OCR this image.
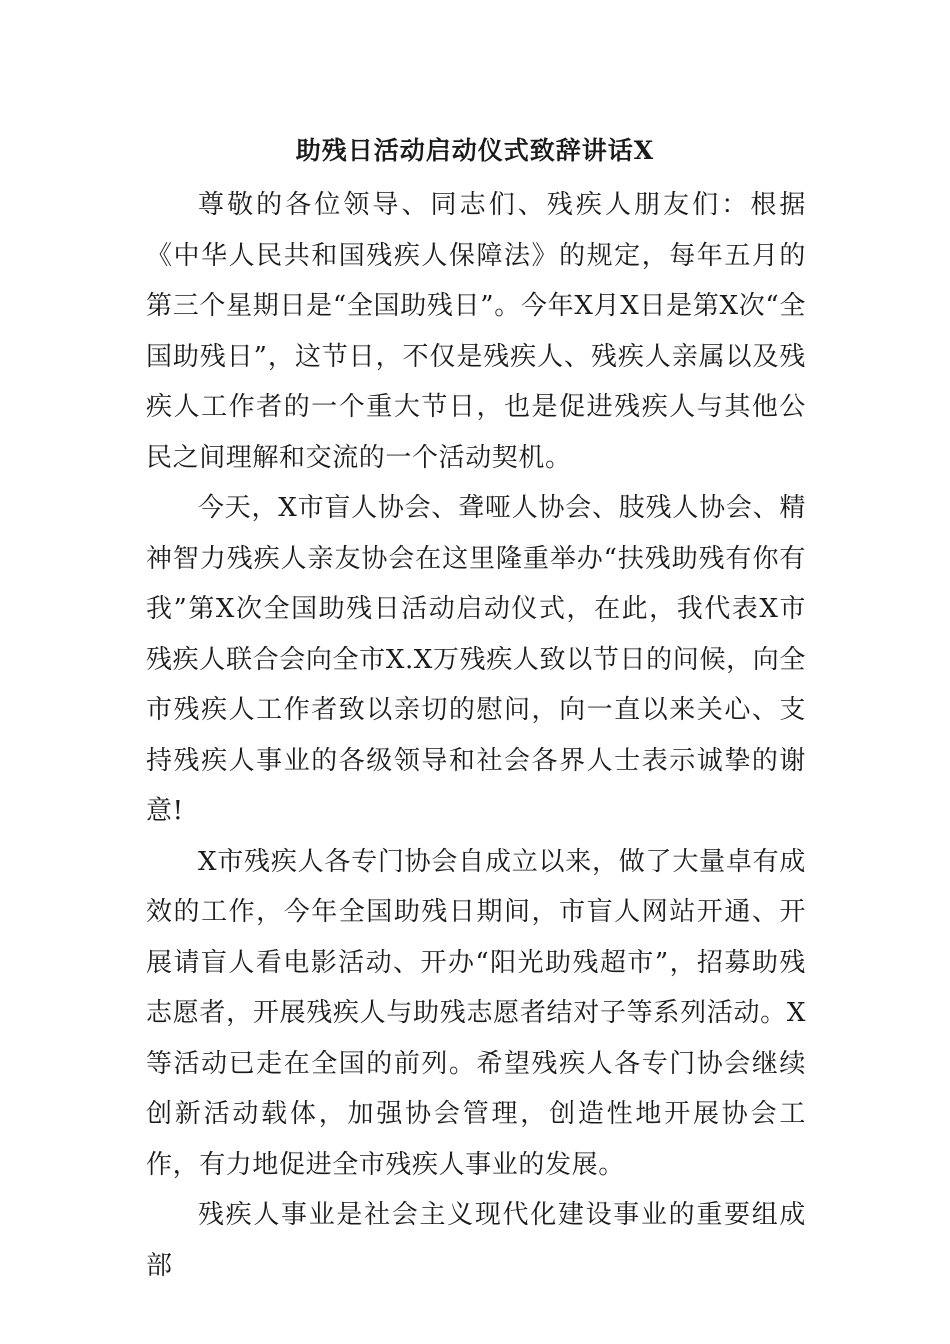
助残日活动启动仪式致辞讲话X

尊敬的各位领导、同志们、残疾人朋友们：根据《中华人民共和国残疾人保障法》的规定，每年五月的第三个星期日是“全国助残日”。今年X月X日是第X次“全国助残日”，这节日，不仅是残疾人、残疾人亲属以及残疾人工作者的一个重大节日，也是促进残疾人与其他公民之间理解和交流的一个活动契机。

今天，X市盲人协会、聋哑人协会、肢残人协会、精神智力残疾人亲友协会在这里隆重举办“扶残助残有你有我”第X次全国助残日活动启动仪式，在此，我代表X市残疾人联合会向全市X.X万残疾人致以节日的问候，向全市残疾人工作者致以亲切的慰问，向一直以来关心、支持残疾人事业的各级领导和社会各界人士表示诚挚的谢意!

X市残疾人各专门协会自成立以来，做了大量卓有成效的工作，今年全国助残日期间，市盲人网站开通、开展请盲人看电影活动、开办“阳光助残超市”，招募助残志愿者，开展残疾人与助残志愿者结对子等系列活动。X等活动已走在全国的前列。希望残疾人各专门协会继续创新活动载体，加强协会管理，创造性地开展协会工作，有力地促进全市残疾人事业的发展。

残疾人事业是社会主义现代化建设事业的重要组成部
